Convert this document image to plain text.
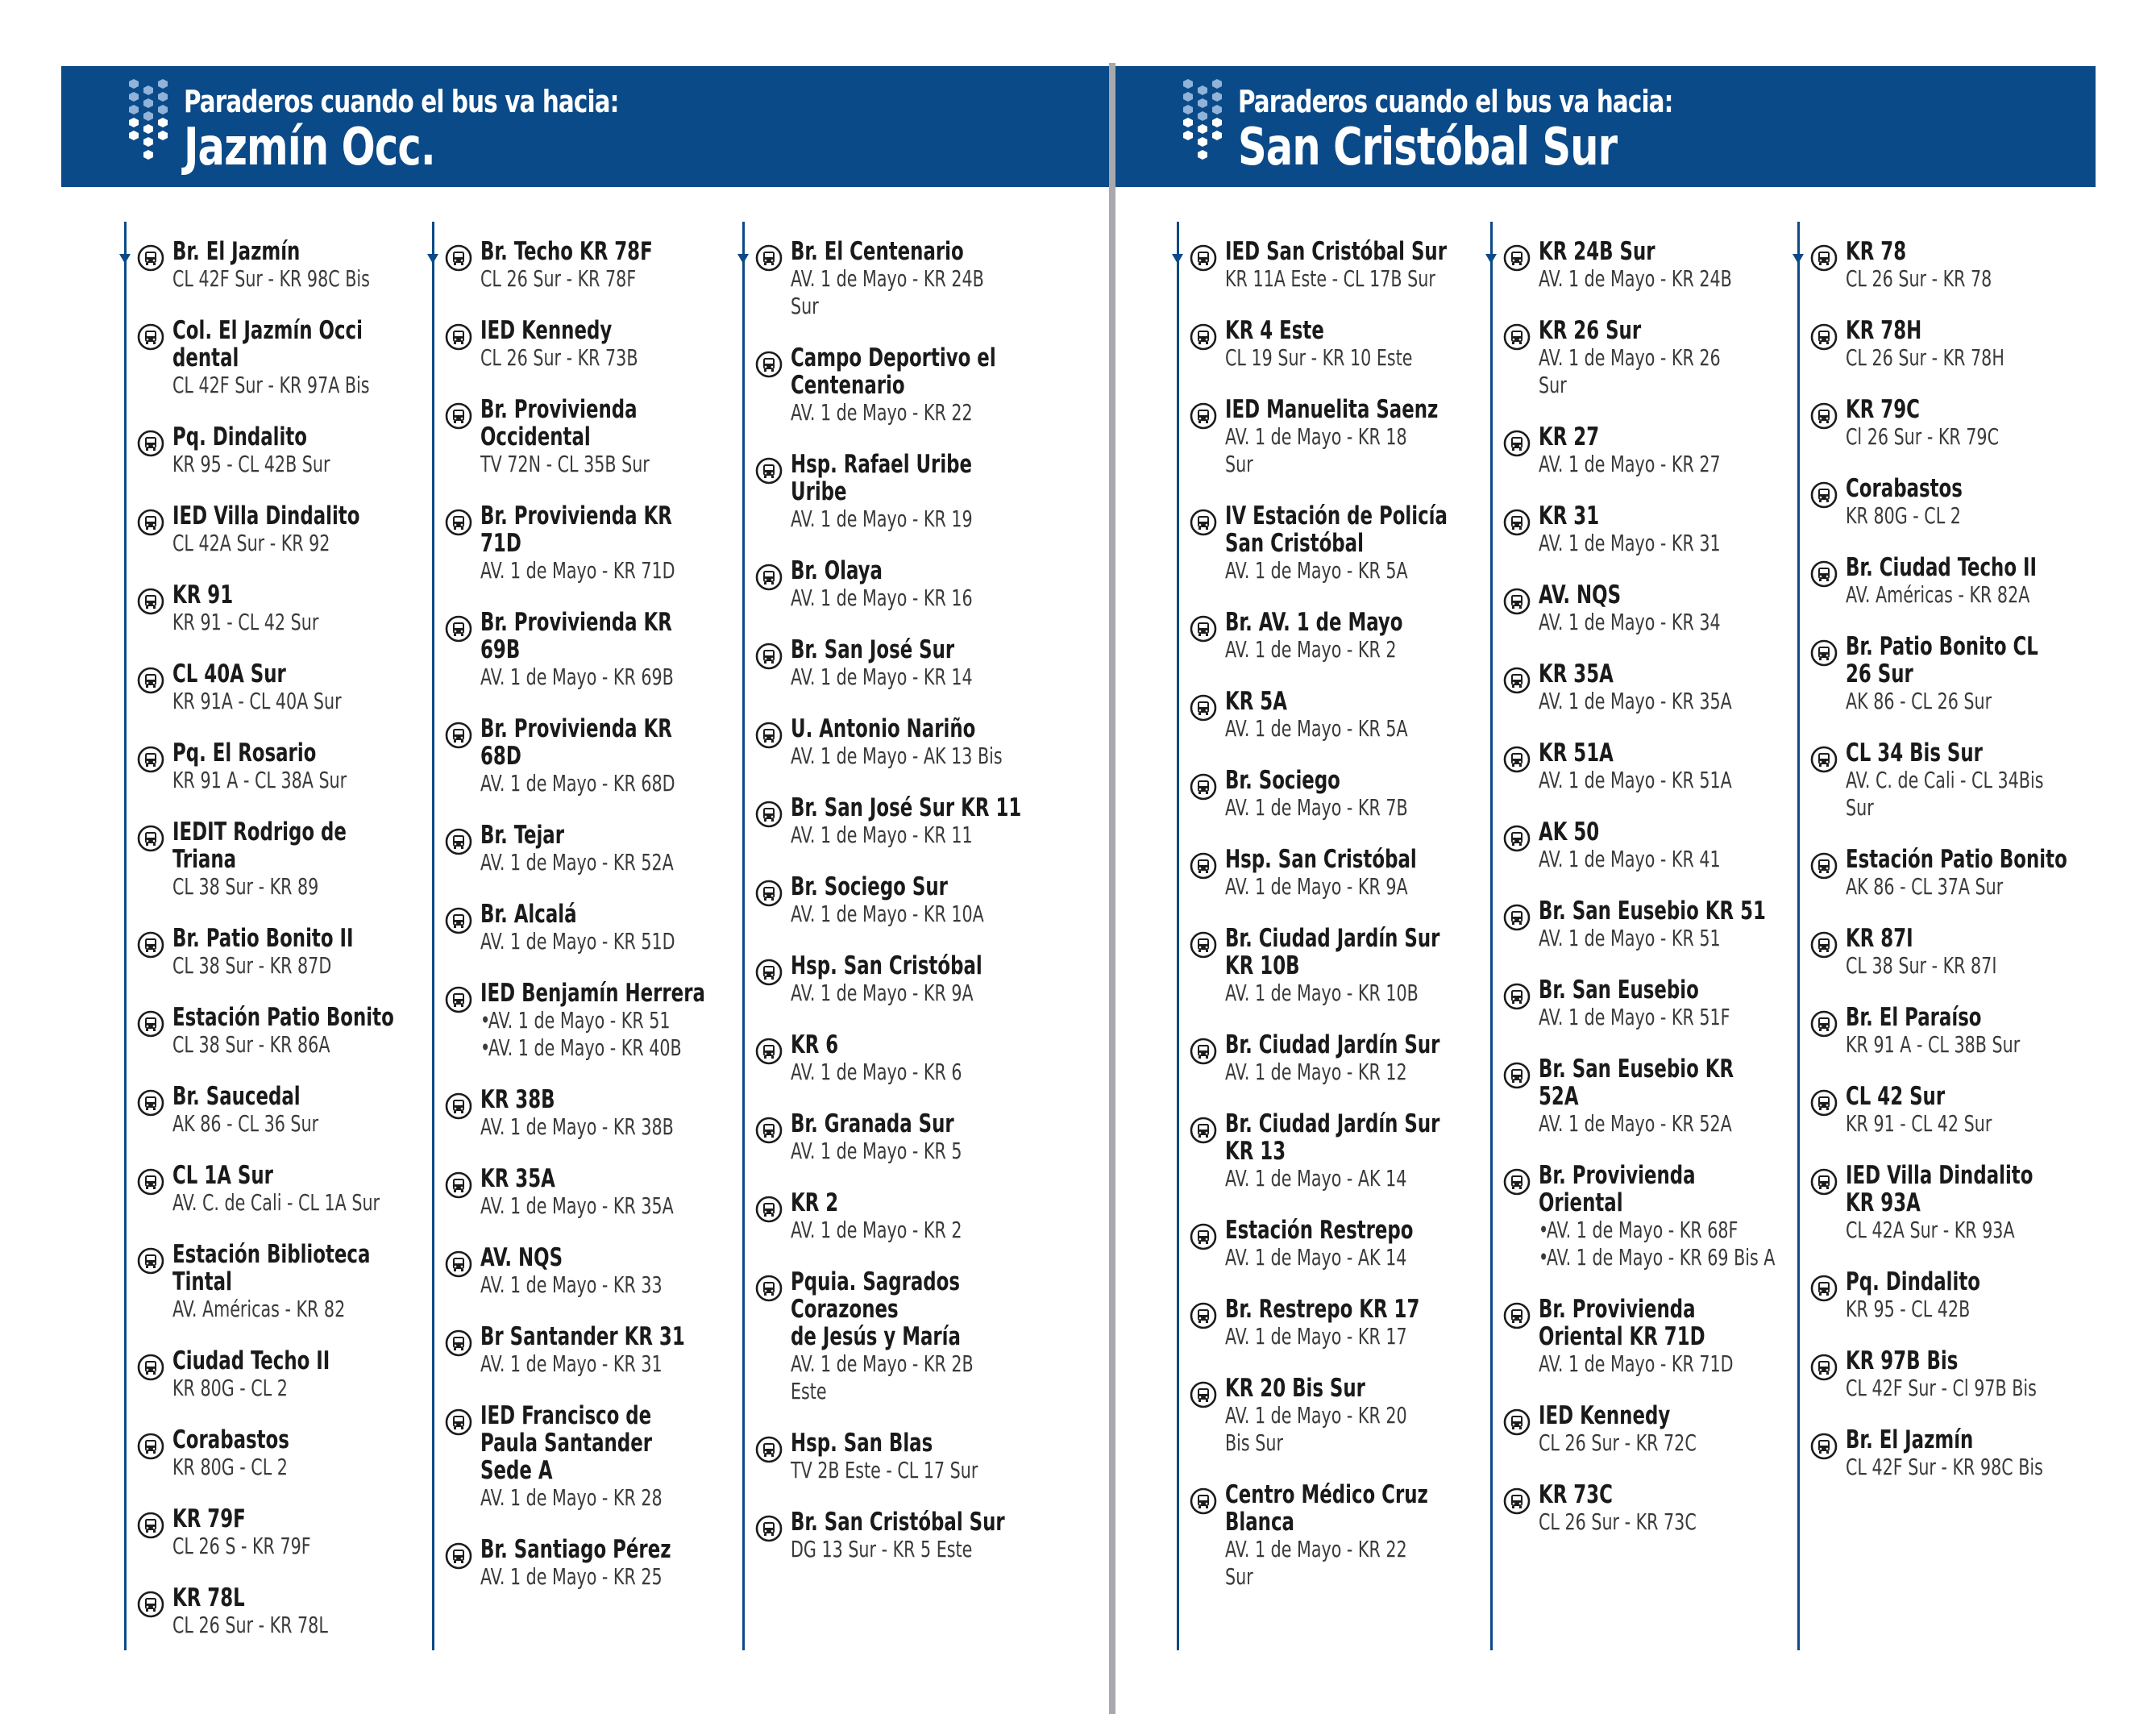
Paraderos cuando el bus va hacia:
Jazmín Occ.
Br. El Jazmín
CL 42F Sur - KR 98C Bis
Col. El Jazmín Occi
dental
CL 42F Sur - KR 97A Bis
Pq. Dindalito
KR 95 - CL 42B Sur
IED Villa Dindalito
CL 42A Sur - KR 92
KR 91
KR 91 - CL 42 Sur
CL 40A Sur
KR 91A - CL 40A Sur
Pq. El Rosario
KR 91 A - CL 38A Sur
IEDIT Rodrigo de
Triana
CL 38 Sur - KR 89
Br. Patio Bonito II
CL 38 Sur - KR 87D
Estación Patio Bonito
CL 38 Sur - KR 86A
Br. Saucedal
AK 86 - CL 36 Sur
CL 1A Sur
AV. C. de Cali - CL 1A Sur
Estación Biblioteca
Tintal
AV. Américas - KR 82
Ciudad Techo II
KR 80G - CL 2
Corabastos
KR 80G - CL 2
KR 79F
CL 26 S - KR 79F
KR 78L
CL 26 Sur - KR 78L
Br. Techo KR 78F
CL 26 Sur - KR 78F
IED Kennedy
CL 26 Sur - KR 73B
Br. Provivienda
Occidental
TV 72N - CL 35B Sur
Br. Provivienda KR
71D
AV. 1 de Mayo - KR 71D
Br. Provivienda KR
69B
AV. 1 de Mayo - KR 69B
Br. Provivienda KR
68D
AV. 1 de Mayo - KR 68D
Br. Tejar
AV. 1 de Mayo - KR 52A
Br. Alcalá
AV. 1 de Mayo - KR 51D
IED Benjamín Herrera
•AV. 1 de Mayo - KR 51
•AV. 1 de Mayo - KR 40B
KR 38B
AV. 1 de Mayo - KR 38B
KR 35A
AV. 1 de Mayo - KR 35A
AV. NQS
AV. 1 de Mayo - KR 33
Br Santander KR 31
AV. 1 de Mayo - KR 31
IED Francisco de
Paula Santander
Sede A
AV. 1 de Mayo - KR 28
Br. Santiago Pérez
AV. 1 de Mayo - KR 25
Br. El Centenario
AV. 1 de Mayo - KR 24B
Sur
Campo Deportivo el
Centenario
AV. 1 de Mayo - KR 22
Hsp. Rafael Uribe
Uribe
AV. 1 de Mayo - KR 19
Br. Olaya
AV. 1 de Mayo - KR 16
Br. San José Sur
AV. 1 de Mayo - KR 14
U. Antonio Nariño
AV. 1 de Mayo - AK 13 Bis
Br. San José Sur KR 11
AV. 1 de Mayo - KR 11
Br. Sociego Sur
AV. 1 de Mayo - KR 10A
Hsp. San Cristóbal
AV. 1 de Mayo - KR 9A
KR 6
AV. 1 de Mayo - KR 6
Br. Granada Sur
AV. 1 de Mayo - KR 5
KR 2
AV. 1 de Mayo - KR 2
Pquia. Sagrados
Corazones
de Jesús y María
AV. 1 de Mayo - KR 2B
Este
Hsp. San Blas
TV 2B Este - CL 17 Sur
Br. San Cristóbal Sur
DG 13 Sur - KR 5 Este
Paraderos cuando el bus va hacia:
San Cristóbal Sur
IED San Cristóbal Sur
KR 11A Este - CL 17B Sur
KR 4 Este
CL 19 Sur - KR 10 Este
IED Manuelita Saenz
AV. 1 de Mayo - KR 18
Sur
IV Estación de Policía
San Cristóbal
AV. 1 de Mayo - KR 5A
Br. AV. 1 de Mayo
AV. 1 de Mayo - KR 2
KR 5A
AV. 1 de Mayo - KR 5A
Br. Sociego
AV. 1 de Mayo - KR 7B
Hsp. San Cristóbal
AV. 1 de Mayo - KR 9A
Br. Ciudad Jardín Sur
KR 10B
AV. 1 de Mayo - KR 10B
Br. Ciudad Jardín Sur
AV. 1 de Mayo - KR 12
Br. Ciudad Jardín Sur
KR 13
AV. 1 de Mayo - AK 14
Estación Restrepo
AV. 1 de Mayo - AK 14
Br. Restrepo KR 17
AV. 1 de Mayo - KR 17
KR 20 Bis Sur
AV. 1 de Mayo - KR 20
Bis Sur
Centro Médico Cruz
Blanca
AV. 1 de Mayo - KR 22
Sur
KR 24B Sur
AV. 1 de Mayo - KR 24B
KR 26 Sur
AV. 1 de Mayo - KR 26
Sur
KR 27
AV. 1 de Mayo - KR 27
KR 31
AV. 1 de Mayo - KR 31
AV. NQS
AV. 1 de Mayo - KR 34
KR 35A
AV. 1 de Mayo - KR 35A
KR 51A
AV. 1 de Mayo - KR 51A
AK 50
AV. 1 de Mayo - KR 41
Br. San Eusebio KR 51
AV. 1 de Mayo - KR 51
Br. San Eusebio
AV. 1 de Mayo - KR 51F
Br. San Eusebio KR
52A
AV. 1 de Mayo - KR 52A
Br. Provivienda
Oriental
•AV. 1 de Mayo - KR 68F
•AV. 1 de Mayo - KR 69 Bis A
Br. Provivienda
Oriental KR 71D
AV. 1 de Mayo - KR 71D
IED Kennedy
CL 26 Sur - KR 72C
KR 73C
CL 26 Sur - KR 73C
KR 78
CL 26 Sur - KR 78
KR 78H
CL 26 Sur - KR 78H
KR 79C
Cl 26 Sur - KR 79C
Corabastos
KR 80G - CL 2
Br. Ciudad Techo II
AV. Américas - KR 82A
Br. Patio Bonito CL
26 Sur
AK 86 - CL 26 Sur
CL 34 Bis Sur
AV. C. de Cali - CL 34Bis
Sur
Estación Patio Bonito
AK 86 - CL 37A Sur
KR 87I
CL 38 Sur - KR 87I
Br. El Paraíso
KR 91 A - CL 38B Sur
CL 42 Sur
KR 91 - CL 42 Sur
IED Villa Dindalito
KR 93A
CL 42A Sur - KR 93A
Pq. Dindalito
KR 95 - CL 42B
KR 97B Bis
CL 42F Sur - Cl 97B Bis
Br. El Jazmín
CL 42F Sur - KR 98C Bis
